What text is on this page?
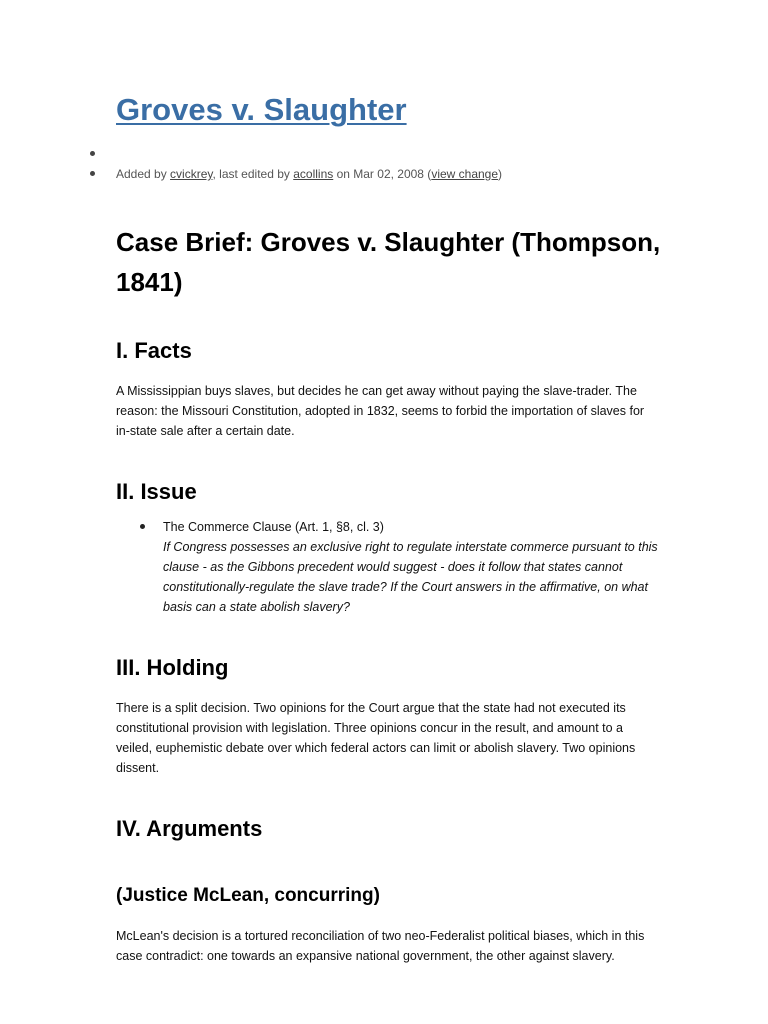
Groves v. Slaughter
Added by cvickrey, last edited by acollins on Mar 02, 2008 (view change)
Case Brief: Groves v. Slaughter (Thompson, 1841)
I. Facts

A Mississippian buys slaves, but decides he can get away without paying the slave-trader. The reason: the Missouri Constitution, adopted in 1832, seems to forbid the importation of slaves for in-state sale after a certain date.

II. Issue
The Commerce Clause (Art. 1, §8, cl. 3)
If Congress possesses an exclusive right to regulate interstate commerce pursuant to this clause - as the Gibbons precedent would suggest - does it follow that states cannot constitutionally-regulate the slave trade? If the Court answers in the affirmative, on what basis can a state abolish slavery?
III. Holding

There is a split decision. Two opinions for the Court argue that the state had not executed its constitutional provision with legislation. Three opinions concur in the result, and amount to a veiled, euphemistic debate over which federal actors can limit or abolish slavery. Two opinions dissent.

IV. Arguments
(Justice McLean, concurring)

McLean's decision is a tortured reconciliation of two neo-Federalist political biases, which in this case contradict: one towards an expansive national government, the other against slavery.
